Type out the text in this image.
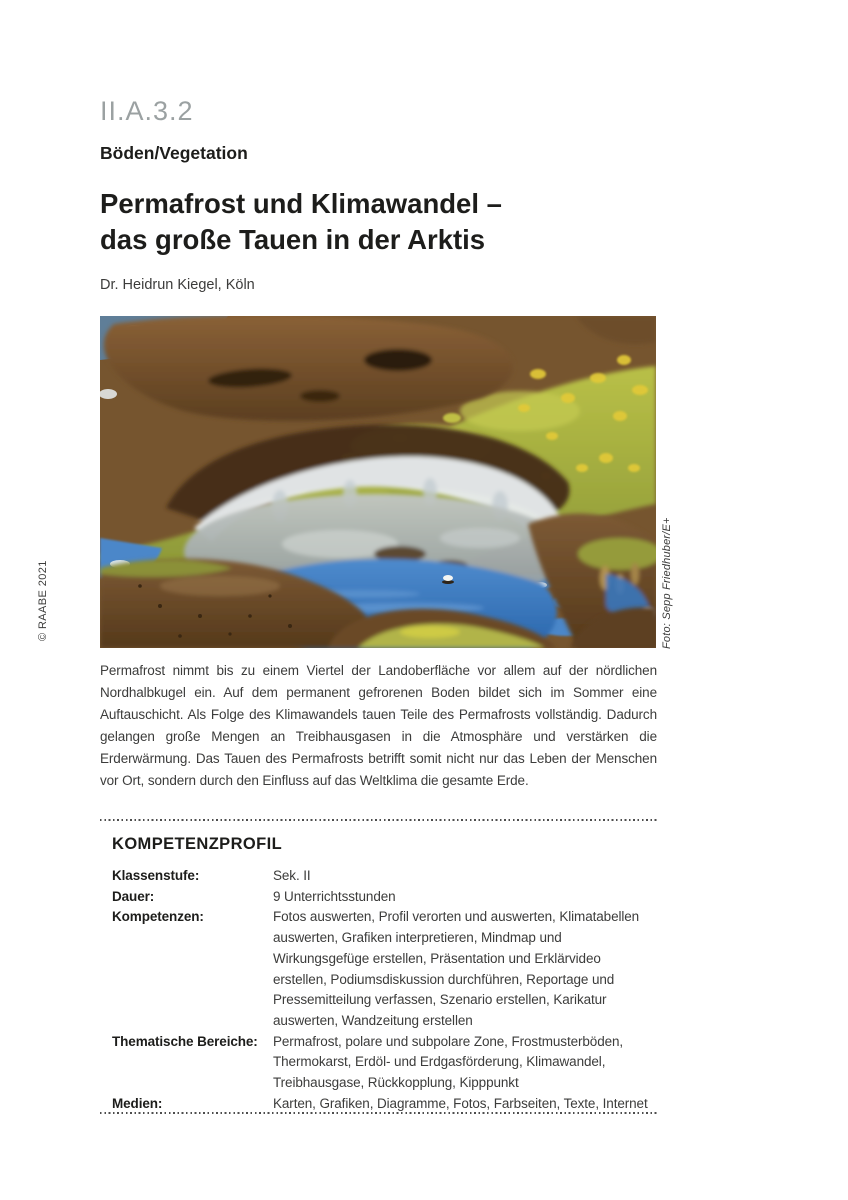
II.A.3.2
Böden/Vegetation
Permafrost und Klimawandel –
das große Tauen in der Arktis
Dr. Heidrun Kiegel, Köln
© RAABE 2021	Foto: Sepp Friedhuber/E+
Permafrost nimmt bis zu einem Viertel der Landoberfläche vor allem auf der nördlichen Nordhalbkugel ein. Auf dem permanent gefrorenen Boden bildet sich im Sommer eine Auftauschicht. Als Folge des Klimawandels tauen Teile des Permafrosts vollständig. Dadurch gelangen große Mengen an Treibhausgasen in die Atmosphäre und verstärken die Erderwärmung. Das Tauen des Permafrosts betrifft somit nicht nur das Leben der Menschen vor Ort, sondern durch den Einfluss auf das Weltklima die gesamte Erde.
KOMPETENZPROFIL
Klassenstufe:	Sek. II
Dauer:	9 Unterrichtsstunden
Kompetenzen:	Fotos auswerten, Profil verorten und auswerten, Klimatabellen auswerten, Grafiken interpretieren, Mindmap und Wirkungsgefüge erstellen, Präsentation und Erklärvideo erstellen, Podiumsdiskussion durchführen, Reportage und Pressemitteilung verfassen, Szenario erstellen, Karikatur auswerten, Wandzeitung erstellen
Thematische Bereiche:	Permafrost, polare und subpolare Zone, Frostmusterböden, Thermokarst, Erdöl- und Erdgasförderung, Klimawandel, Treibhausgase, Rückkopplung, Kipppunkt
Medien:	Karten, Grafiken, Diagramme, Fotos, Farbseiten, Texte, Internet
